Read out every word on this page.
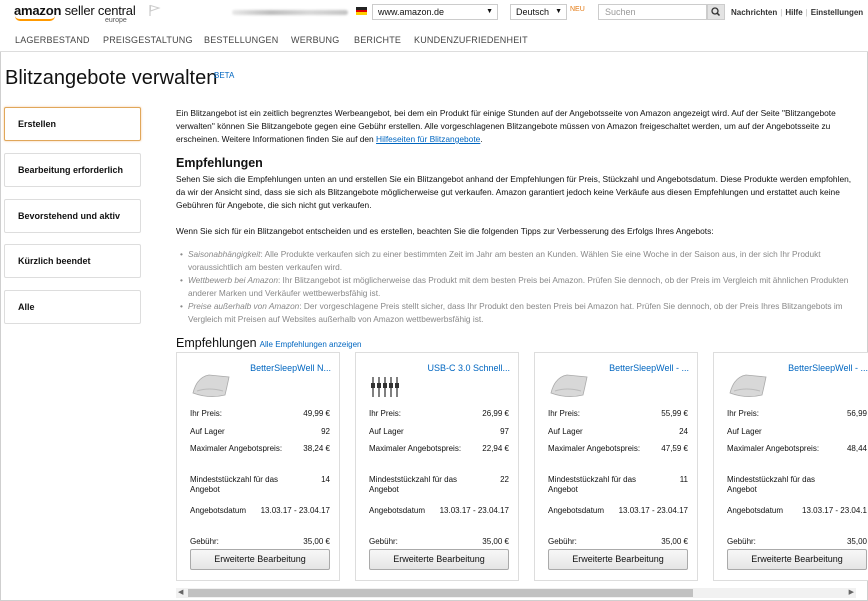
amazon seller central
europe
www.amazon.de	▼	Deutsch ▼ NEU	Suchen	Nachrichten | Hilfe | Einstellungen
LAGERBESTAND PREISGESTALTUNG BESTELLUNGEN WERBUNG BERICHTE KUNDENZUFRIEDENHEIT
Blitzangebote verwalten
BETA
Erstellen
Bearbeitung erforderlich
Bevorstehend und aktiv
Kürzlich beendet
Alle
Ein Blitzangebot ist ein zeitlich begrenztes Werbeangebot, bei dem ein Produkt für einige Stunden auf der Angebotsseite von Amazon angezeigt wird. Auf der Seite "Blitzangebote verwalten" können Sie Blitzangebote gegen eine Gebühr erstellen. Alle vorgeschlagenen Blitzangebote müssen von Amazon freigeschaltet werden, um auf der Angebotsseite zu erscheinen. Weitere Informationen finden Sie auf den Hilfeseiten für Blitzangebote.
Empfehlungen
Sehen Sie sich die Empfehlungen unten an und erstellen Sie ein Blitzangebot anhand der Empfehlungen für Preis, Stückzahl und Angebotsdatum. Diese Produkte werden empfohlen, da wir der Ansicht sind, dass sie sich als Blitzangebote möglicherweise gut verkaufen. Amazon garantiert jedoch keine Verkäufe aus diesen Empfehlungen und erstattet auch keine Gebühren für Angebote, die sich nicht gut verkaufen.
Wenn Sie sich für ein Blitzangebot entscheiden und es erstellen, beachten Sie die folgenden Tipps zur Verbesserung des Erfolgs Ihres Angebots:
• Saisonabhängigkeit: Alle Produkte verkaufen sich zu einer bestimmten Zeit im Jahr am besten an Kunden. Wählen Sie eine Woche in der Saison aus, in der sich Ihr Produkt voraussichtlich am besten verkaufen wird.
• Wettbewerb bei Amazon: Ihr Blitzangebot ist möglicherweise das Produkt mit dem besten Preis bei Amazon. Prüfen Sie dennoch, ob der Preis im Vergleich mit ähnlichen Produkten anderer Marken und Verkäufer wettbewerbsfähig ist.
• Preise außerhalb von Amazon: Der vorgeschlagene Preis stellt sicher, dass Ihr Produkt den besten Preis bei Amazon hat. Prüfen Sie dennoch, ob der Preis Ihres Blitzangebots im Vergleich mit Preisen auf Websites außerhalb von Amazon wettbewerbsfähig ist.
Empfehlungen Alle Empfehlungen anzeigen
BetterSleepWell N...
Ihr Preis:	49,99 €
Auf Lager	92
Maximaler Angebotspreis:	38,24 €
Mindeststückzahl für das Angebot
14
Angebotsdatum 13.03.17 - 23.04.17
Gebühr:	35,00 €
Erweiterte Bearbeitung
USB-C 3.0 Schnell...
Ihr Preis:	26,99 €
Auf Lager	97
Maximaler Angebotspreis:	22,94 €
Mindeststückzahl für das Angebot
22
Angebotsdatum 13.03.17 - 23.04.17
Gebühr:	35,00 €
Erweiterte Bearbeitung
BetterSleepWell - ...
Ihr Preis:	55,99 €
Auf Lager	24
Maximaler Angebotspreis:	47,59 €
Mindeststückzahl für das Angebot
11
Angebotsdatum 13.03.17 - 23.04.17
Gebühr:	35,00 €
Erweiterte Bearbeitung
BetterSleepWell - ...
Ihr Preis:	56,99
Auf Lager
Maximaler Angebotspreis:	48,44
Mindeststückzahl für das Angebot
Angebotsdatum 13.03.17 - 23.04.1
Gebühr:	35,00
Erweiterte Bearbeitung
◀	▶
